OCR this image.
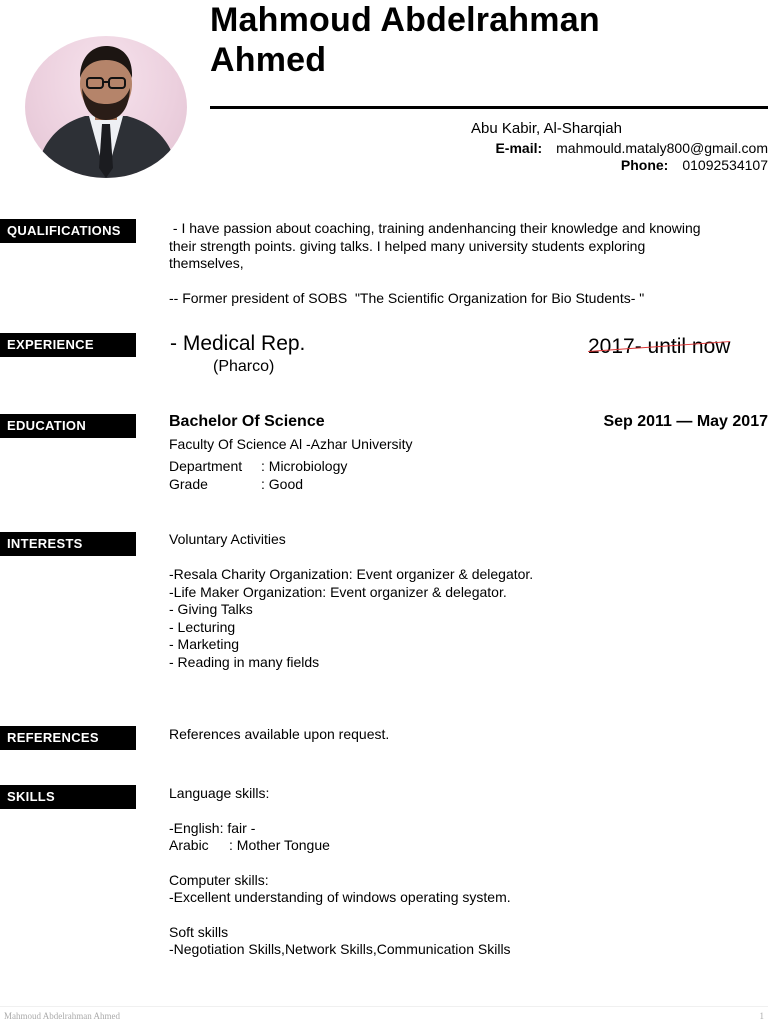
Mahmoud Abdelrahman
Ahmed
Abu Kabir, Al-Sharqiah
E-mail: mahmould.mataly800@gmail.com
Phone: 01092534107
QUALIFICATIONS	- I have passion about coaching, training andenhancing their knowledge and knowing
their strength points. giving talks. I helped many university students exploring
themselves,
-- Former president of SOBS  "The Scientific Organization for Bio Students- "
EXPERIENCE	- Medical Rep.
(Pharco)
2017- until now
EDUCATION	Bachelor Of Science	Sep 2011 — May 2017
Faculty Of Science Al -Azhar University
Department : Microbiology
Grade	: Good
INTERESTS	Voluntary Activities
-Resala Charity Organization: Event organizer & delegator.
-Life Maker Organization: Event organizer & delegator.
- Giving Talks
- Lecturing
- Marketing
- Reading in many fields
REFERENCES	References available upon request.
SKILLS	Language skills:
-English: fair -
Arabic : Mother Tongue
Computer skills:
-Excellent understanding of windows operating system.
Soft skills
-Negotiation Skills,Network Skills,Communication Skills
Mahmoud Abdelrahman Ahmed	1
